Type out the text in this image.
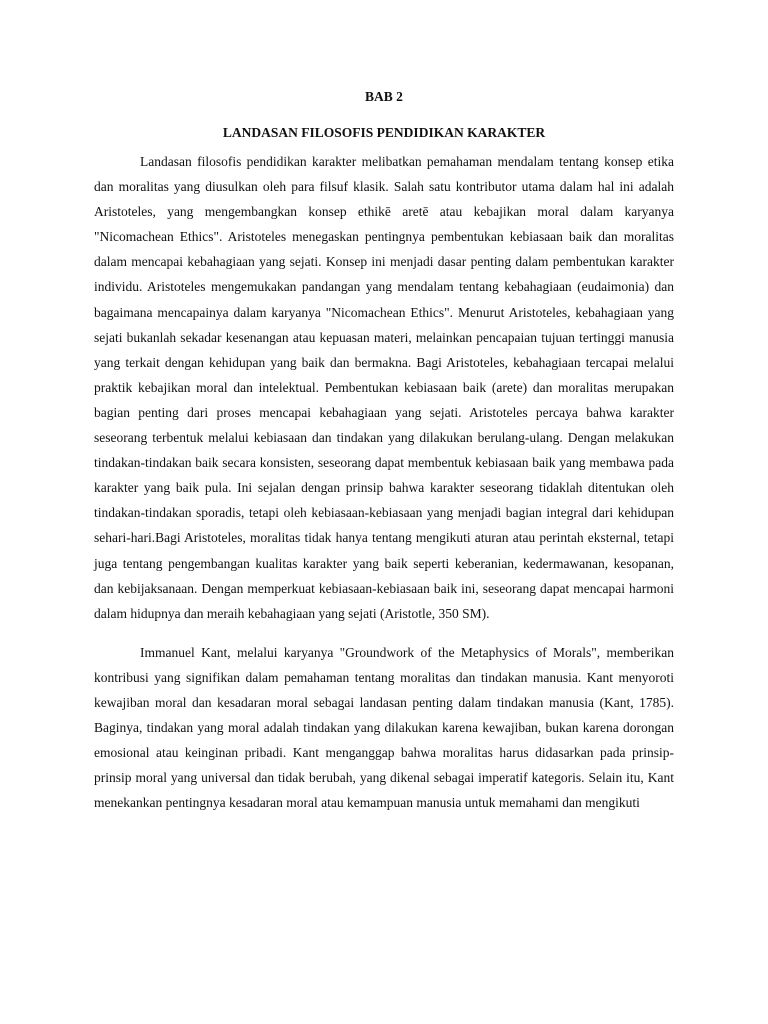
BAB 2

LANDASAN FILOSOFIS PENDIDIKAN KARAKTER

Landasan filosofis pendidikan karakter melibatkan pemahaman mendalam tentang konsep etika dan moralitas yang diusulkan oleh para filsuf klasik. Salah satu kontributor utama dalam hal ini adalah Aristoteles, yang mengembangkan konsep ethikē aretē atau kebajikan moral dalam karyanya "Nicomachean Ethics". Aristoteles menegaskan pentingnya pembentukan kebiasaan baik dan moralitas dalam mencapai kebahagiaan yang sejati. Konsep ini menjadi dasar penting dalam pembentukan karakter individu. Aristoteles mengemukakan pandangan yang mendalam tentang kebahagiaan (eudaimonia) dan bagaimana mencapainya dalam karyanya "Nicomachean Ethics". Menurut Aristoteles, kebahagiaan yang sejati bukanlah sekadar kesenangan atau kepuasan materi, melainkan pencapaian tujuan tertinggi manusia yang terkait dengan kehidupan yang baik dan bermakna. Bagi Aristoteles, kebahagiaan tercapai melalui praktik kebajikan moral dan intelektual. Pembentukan kebiasaan baik (arete) dan moralitas merupakan bagian penting dari proses mencapai kebahagiaan yang sejati. Aristoteles percaya bahwa karakter seseorang terbentuk melalui kebiasaan dan tindakan yang dilakukan berulang-ulang. Dengan melakukan tindakan-tindakan baik secara konsisten, seseorang dapat membentuk kebiasaan baik yang membawa pada karakter yang baik pula. Ini sejalan dengan prinsip bahwa karakter seseorang tidaklah ditentukan oleh tindakan-tindakan sporadis, tetapi oleh kebiasaan-kebiasaan yang menjadi bagian integral dari kehidupan sehari-hari.Bagi Aristoteles, moralitas tidak hanya tentang mengikuti aturan atau perintah eksternal, tetapi juga tentang pengembangan kualitas karakter yang baik seperti keberanian, kedermawanan, kesopanan, dan kebijaksanaan. Dengan memperkuat kebiasaan-kebiasaan baik ini, seseorang dapat mencapai harmoni dalam hidupnya dan meraih kebahagiaan yang sejati (Aristotle, 350 SM).

Immanuel Kant, melalui karyanya "Groundwork of the Metaphysics of Morals", memberikan kontribusi yang signifikan dalam pemahaman tentang moralitas dan tindakan manusia. Kant menyoroti kewajiban moral dan kesadaran moral sebagai landasan penting dalam tindakan manusia (Kant, 1785). Baginya, tindakan yang moral adalah tindakan yang dilakukan karena kewajiban, bukan karena dorongan emosional atau keinginan pribadi. Kant menganggap bahwa moralitas harus didasarkan pada prinsip-prinsip moral yang universal dan tidak berubah, yang dikenal sebagai imperatif kategoris. Selain itu, Kant menekankan pentingnya kesadaran moral atau kemampuan manusia untuk memahami dan mengikuti
